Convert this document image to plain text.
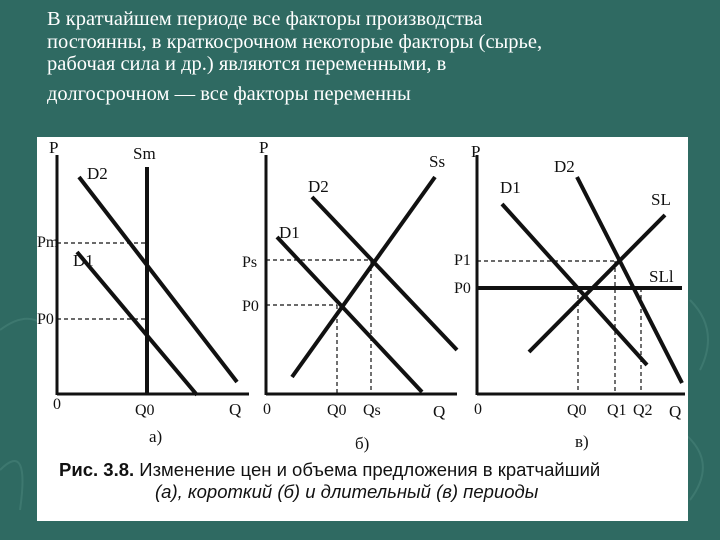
В кратчайшем периоде все факторы производства
постоянны, в краткосрочном некоторые факторы (сырье,
рабочая сила и др.) являются переменными, в
долгосрочном — все факторы переменны
P
D2
Sm
Pm
D1
P0
0	Q0	Q
а)
P
Ss
D2
D1
Ps
P0
0	Q0 Qs	Q
б)
P
D2
D1
SL
P1
SLl
P0
0	Q0 Q1 Q2 Q
в)
Рис. 3.8. Изменение цен и объема предложения в кратчайший
(а), короткий (б) и длительный (в) периоды
